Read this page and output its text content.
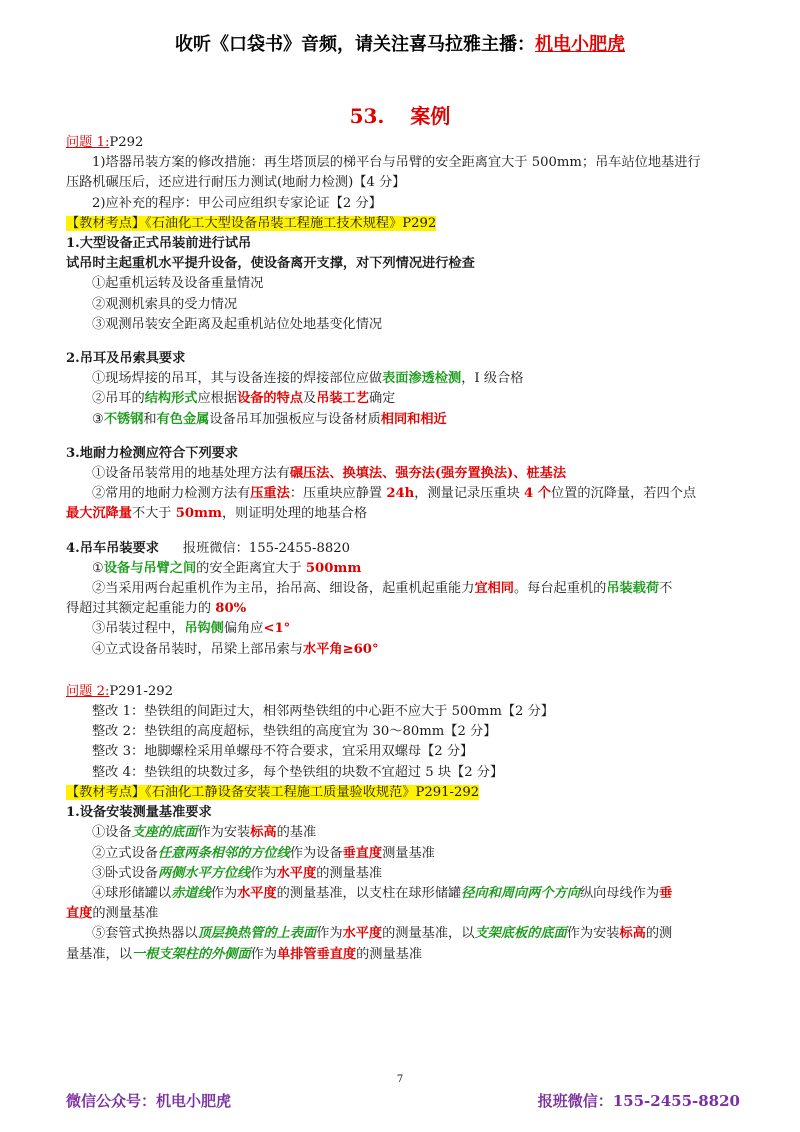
收听《口袋书》音频，请关注喜马拉雅主播：机电小肥虎
53. 案例
问题 1:P292
1)塔器吊装方案的修改措施：再生塔顶层的梯平台与吊臂的安全距离宜大于 500mm；吊车站位地基进行
压路机碾压后，还应进行耐压力测试(地耐力检测)【4 分】
2)应补充的程序：甲公司应组织专家论证【2 分】
【教材考点】《石油化工大型设备吊装工程施工技术规程》P292
1.大型设备正式吊装前进行试吊
试吊时主起重机水平提升设备，使设备离开支撑，对下列情况进行检查
①起重机运转及设备重量情况
②观测机索具的受力情况
③观测吊装安全距离及起重机站位处地基变化情况
2.吊耳及吊索具要求
①现场焊接的吊耳，其与设备连接的焊接部位应做表面渗透检测，I 级合格
②吊耳的结构形式应根据设备的特点及吊装工艺确定
③不锈钢和有色金属设备吊耳加强板应与设备材质相同和相近
3.地耐力检测应符合下列要求
①设备吊装常用的地基处理方法有碾压法、换填法、强夯法(强夯置换法)、桩基法
②常用的地耐力检测方法有压重法：压重块应静置 24h，测量记录压重块 4 个位置的沉降量，若四个点
最大沉降量不大于 50mm，则证明处理的地基合格
4.吊车吊装要求 报班微信：155-2455-8820
①设备与吊臂之间的安全距离宜大于 500mm
②当采用两台起重机作为主吊，抬吊高、细设备，起重机起重能力宜相同。每台起重机的吊装载荷不
得超过其额定起重能力的 80%
③吊装过程中，吊钩侧偏角应<1°
④立式设备吊装时，吊梁上部吊索与水平角≥60°
问题 2:P291-292
整改 1：垫铁组的间距过大，相邻两垫铁组的中心距不应大于 500mm【2 分】
整改 2：垫铁组的高度超标，垫铁组的高度宜为 30～80mm【2 分】
整改 3：地脚螺栓采用单螺母不符合要求，宜采用双螺母【2 分】
整改 4：垫铁组的块数过多，每个垫铁组的块数不宜超过 5 块【2 分】
【教材考点】《石油化工静设备安装工程施工质量验收规范》P291-292
1.设备安装测量基准要求
①设备支座的底面作为安装标高的基准
②立式设备任意两条相邻的方位线作为设备垂直度测量基准
③卧式设备两侧水平方位线作为水平度的测量基准
④球形储罐以赤道线作为水平度的测量基准，以支柱在球形储罐径向和周向两个方向纵向母线作为垂
直度的测量基准
⑤套管式换热器以顶层换热管的上表面作为水平度的测量基准，以支架底板的底面作为安装标高的测
量基准，以一根支架柱的外侧面作为单排管垂直度的测量基准
7
微信公众号：机电小肥虎	报班微信：155-2455-8820
